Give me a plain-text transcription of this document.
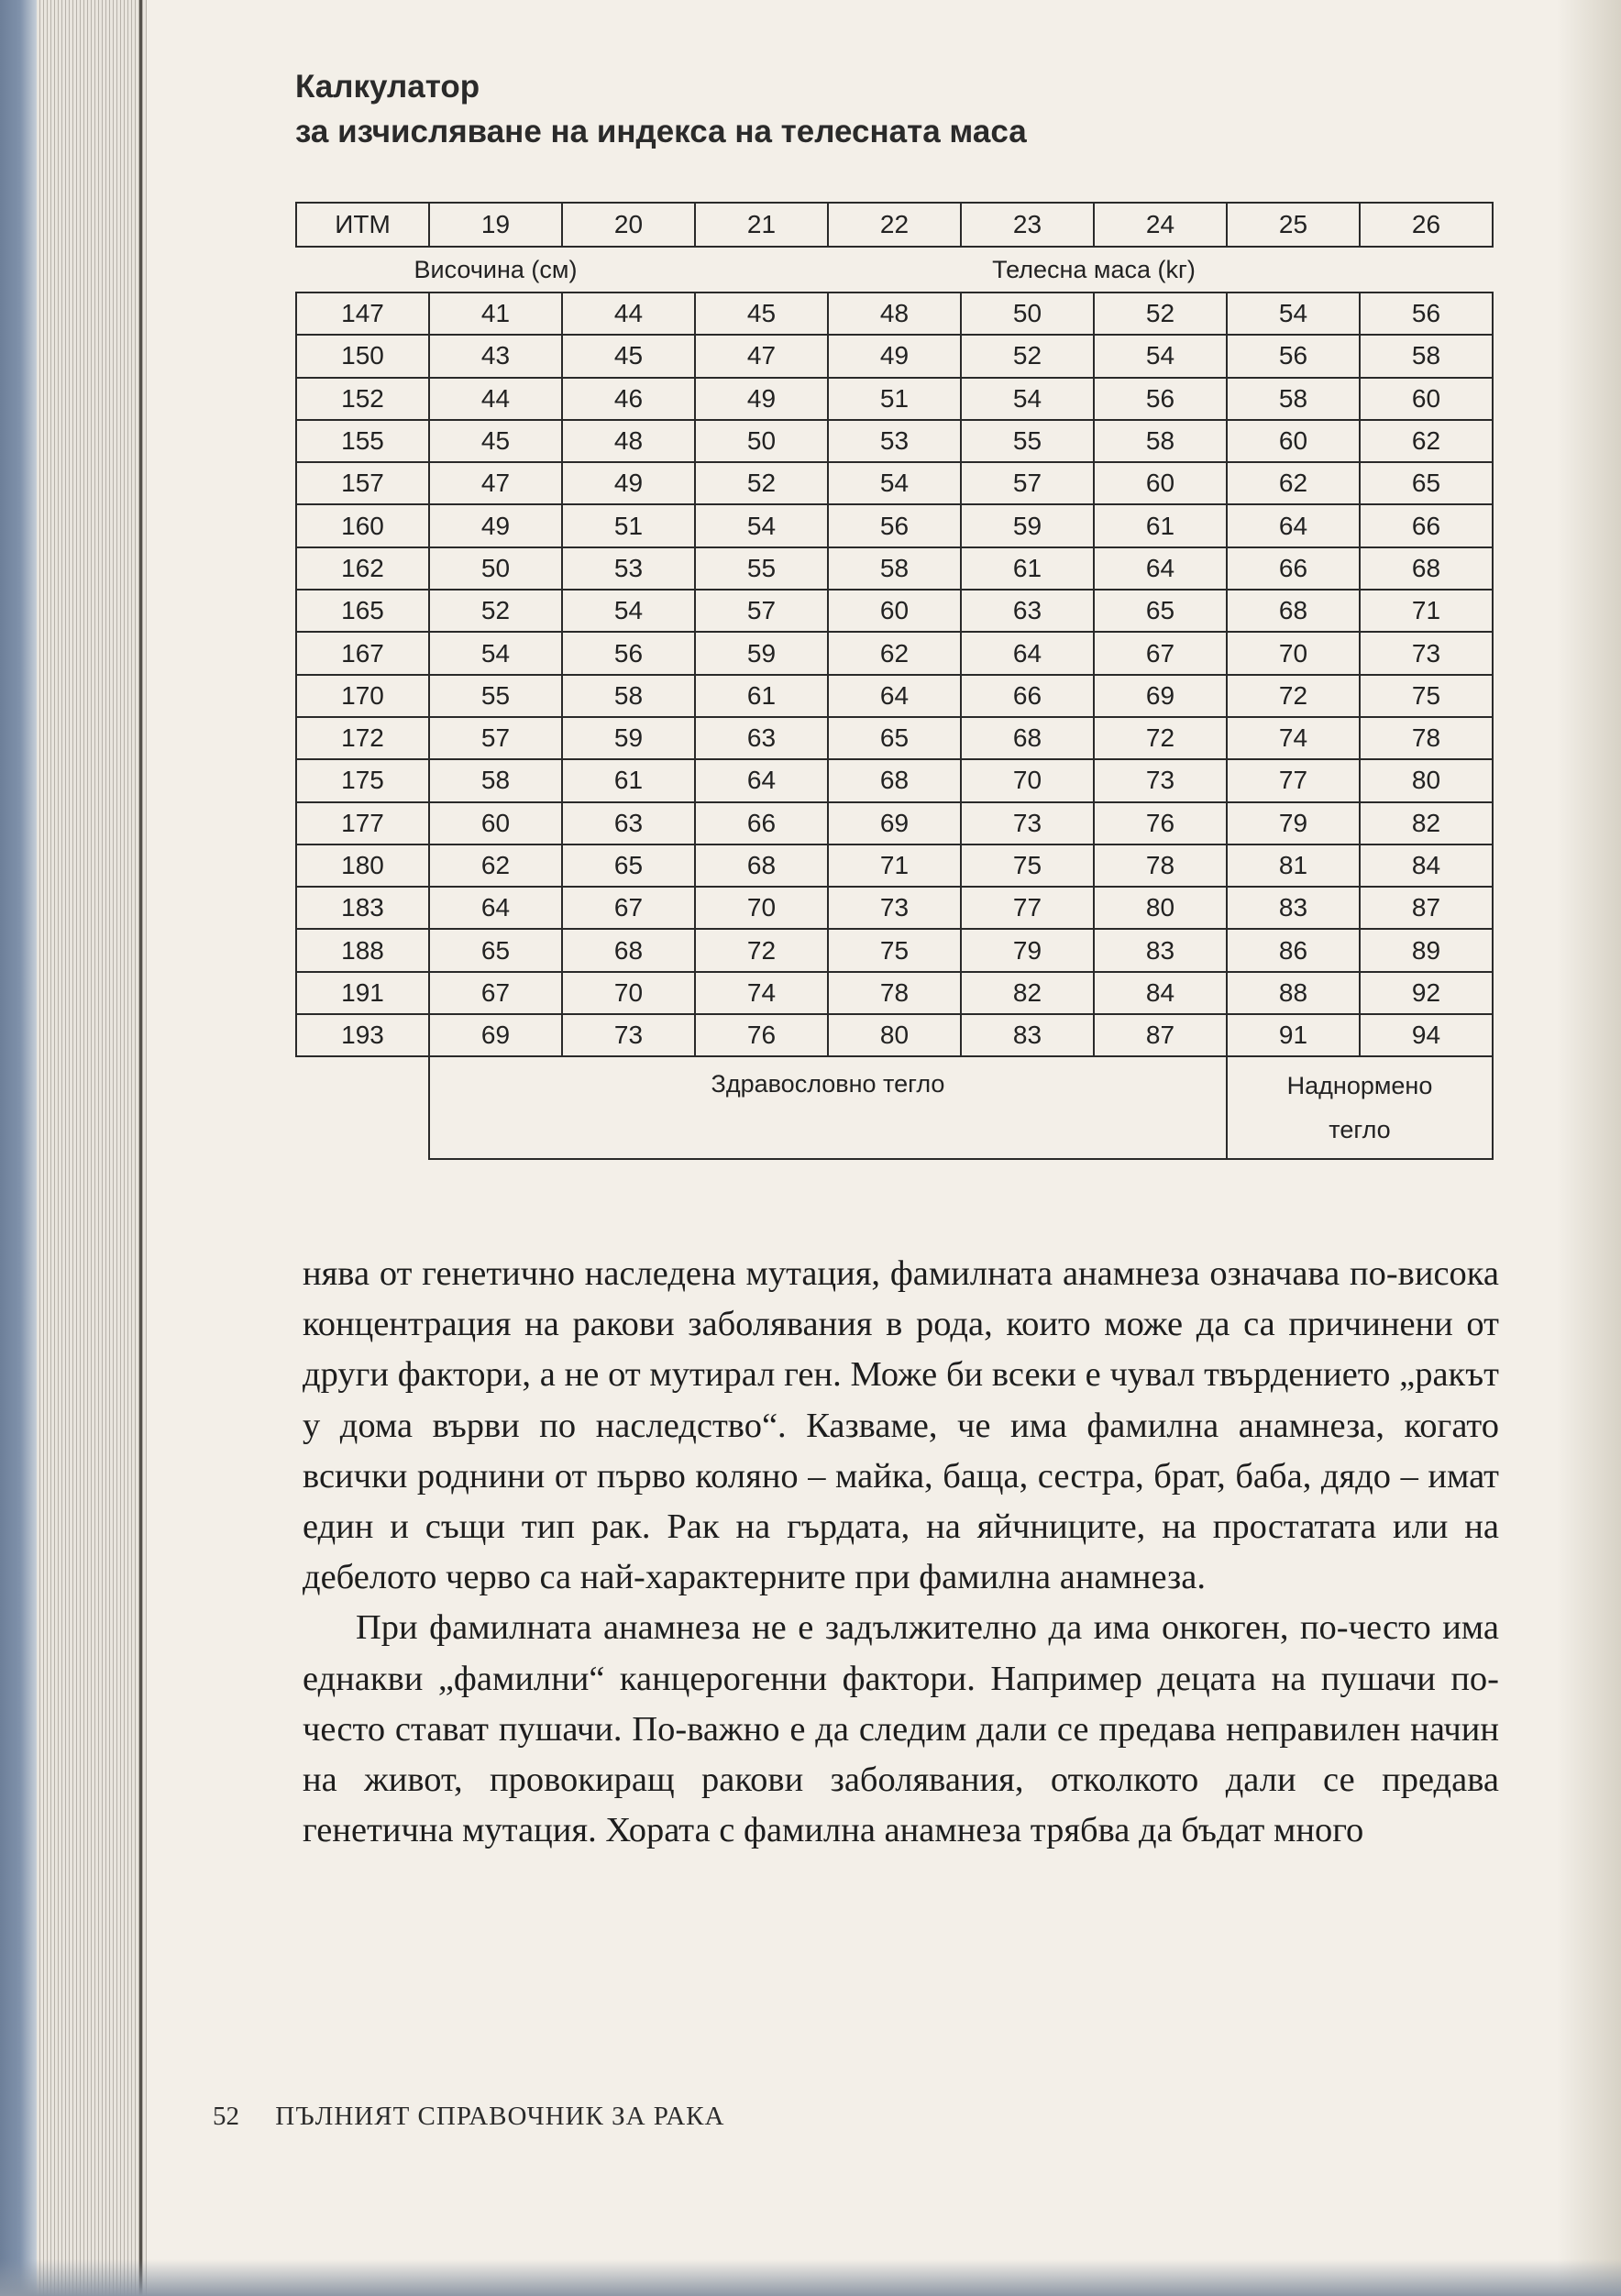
Калкулатор
за изчисляване на индекса на телесната маса
ИТМ	19	20	21	22	23	24	25	26
Височина (см)			Телесна маса (kг)					
147	41	44	45	48	50	52	54	56
150	43	45	47	49	52	54	56	58
152	44	46	49	51	54	56	58	60
155	45	48	50	53	55	58	60	62
157	47	49	52	54	57	60	62	65
160	49	51	54	56	59	61	64	66
162	50	53	55	58	61	64	66	68
165	52	54	57	60	63	65	68	71
167	54	56	59	62	64	67	70	73
170	55	58	61	64	66	69	72	75
172	57	59	63	65	68	72	74	78
175	58	61	64	68	70	73	77	80
177	60	63	66	69	73	76	79	82
180	62	65	68	71	75	78	81	84
183	64	67	70	73	77	80	83	87
188	65	68	72	75	79	83	86	89
191	67	70	74	78	82	84	88	92
193	69	73	76	80	83	87	91	94
	Здравословно тегло						Наднормено
тегло	

нява от генетично наследена мутация, фамилната анамнеза означава по-висока концентрация на ракови заболявания в рода, които може да са причинени от други фактори, а не от мутирал ген. Може би всеки е чувал твърдението „ракът у дома върви по наследство“. Казваме, че има фамилна анамнеза, когато всички роднини от първо коляно – майка, баща, сестра, брат, баба, дядо – имат един и същи тип рак. Рак на гърдата, на яйчниците, на простатата или на дебелото черво са най-характерните при фамилна анамнеза.

При фамилната анамнеза не е задължително да има онкоген, по-често има еднакви „фамилни“ канцерогенни фактори. Например децата на пушачи по-често стават пушачи. По-важно е да следим дали се предава неправилен начин на живот, провокиращ ракови заболявания, отколкото дали се предава генетична мутация. Хората с фамилна анамнеза трябва да бъдат много

52 ПЪЛНИЯТ СПРАВОЧНИК ЗА РАКА
